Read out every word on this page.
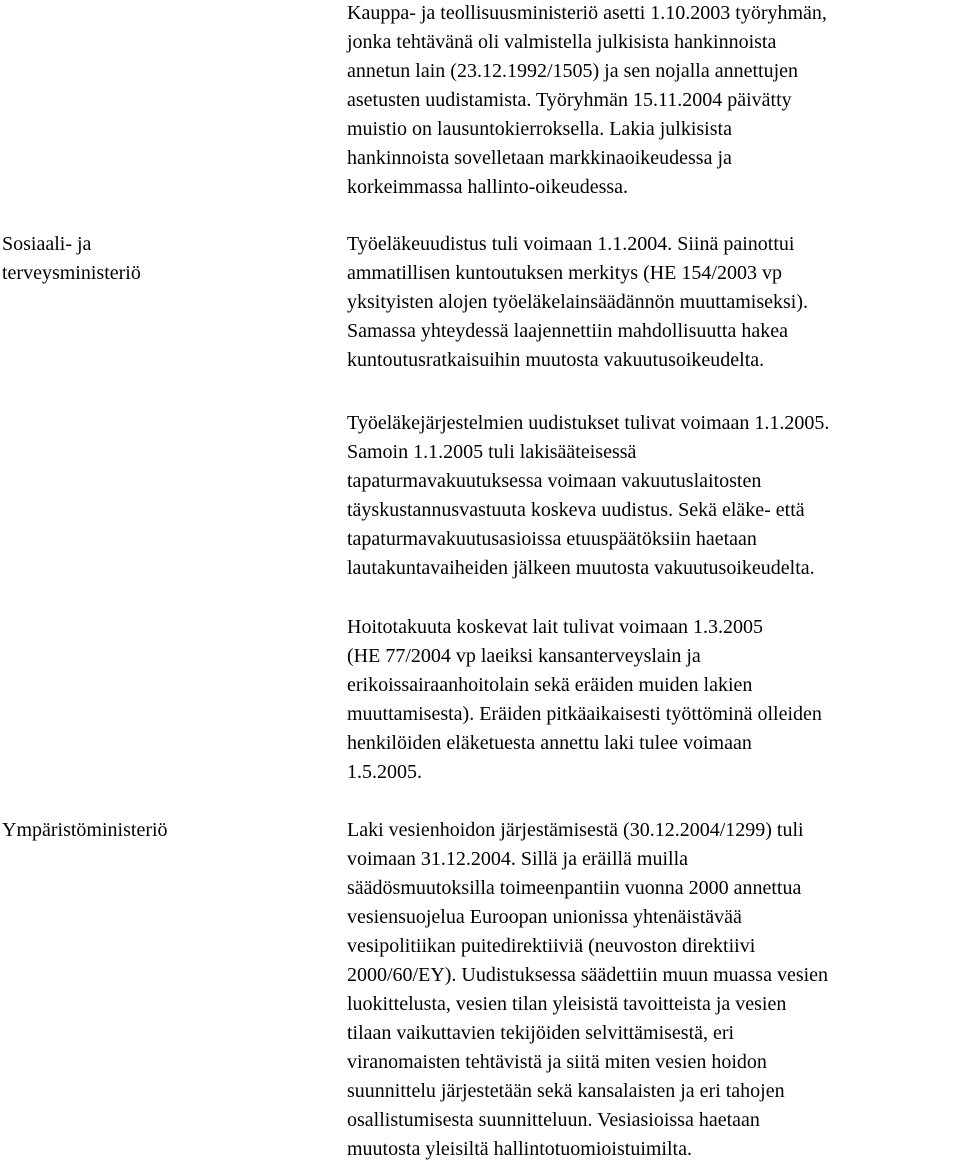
Kauppa- ja teollisuusministeriö asetti 1.10.2003 työryhmän,
jonka tehtävänä oli valmistella julkisista hankinnoista
annetun lain (23.12.1992/1505) ja sen nojalla annettujen
asetusten uudistamista. Työryhmän 15.11.2004 päivätty
muistio on lausuntokierroksella. Lakia julkisista
hankinnoista sovelletaan markkinaoikeudessa ja
korkeimmassa hallinto-oikeudessa.
Sosiaali- ja
terveysministeriö
Työeläkeuudistus tuli voimaan 1.1.2004. Siinä painottui
ammatillisen kuntoutuksen merkitys (HE 154/2003 vp
yksityisten alojen työeläkelainsäädännön muuttamiseksi).
Samassa yhteydessä laajennettiin mahdollisuutta hakea
kuntoutusratkaisuihin muutosta vakuutusoikeudelta.
Työeläkejärjestelmien uudistukset tulivat voimaan 1.1.2005.
Samoin 1.1.2005 tuli lakisääteisessä
tapaturmavakuutuksessa voimaan vakuutuslaitosten
täyskustannusvastuuta koskeva uudistus. Sekä eläke- että
tapaturmavakuutusasioissa etuuspäätöksiin haetaan
lautakuntavaiheiden jälkeen muutosta vakuutusoikeudelta.
Hoitotakuuta koskevat lait tulivat voimaan 1.3.2005
(HE 77/2004 vp laeiksi kansanterveyslain ja
erikoissairaanhoitolain sekä eräiden muiden lakien
muuttamisesta). Eräiden pitkäaikaisesti työttöminä olleiden
henkilöiden eläketuesta annettu laki tulee voimaan
1.5.2005.
Ympäristöministeriö	Laki vesienhoidon järjestämisestä (30.12.2004/1299) tuli
voimaan 31.12.2004. Sillä ja eräillä muilla
säädösmuutoksilla toimeenpantiin vuonna 2000 annettua
vesiensuojelua Euroopan unionissa yhtenäistävää
vesipolitiikan puitedirektiiviä (neuvoston direktiivi
2000/60/EY). Uudistuksessa säädettiin muun muassa vesien
luokittelusta, vesien tilan yleisistä tavoitteista ja vesien
tilaan vaikuttavien tekijöiden selvittämisestä, eri
viranomaisten tehtävistä ja siitä miten vesien hoidon
suunnittelu järjestetään sekä kansalaisten ja eri tahojen
osallistumisesta suunnitteluun. Vesiasioissa haetaan
muutosta yleisiltä hallintotuomioistuimilta.
